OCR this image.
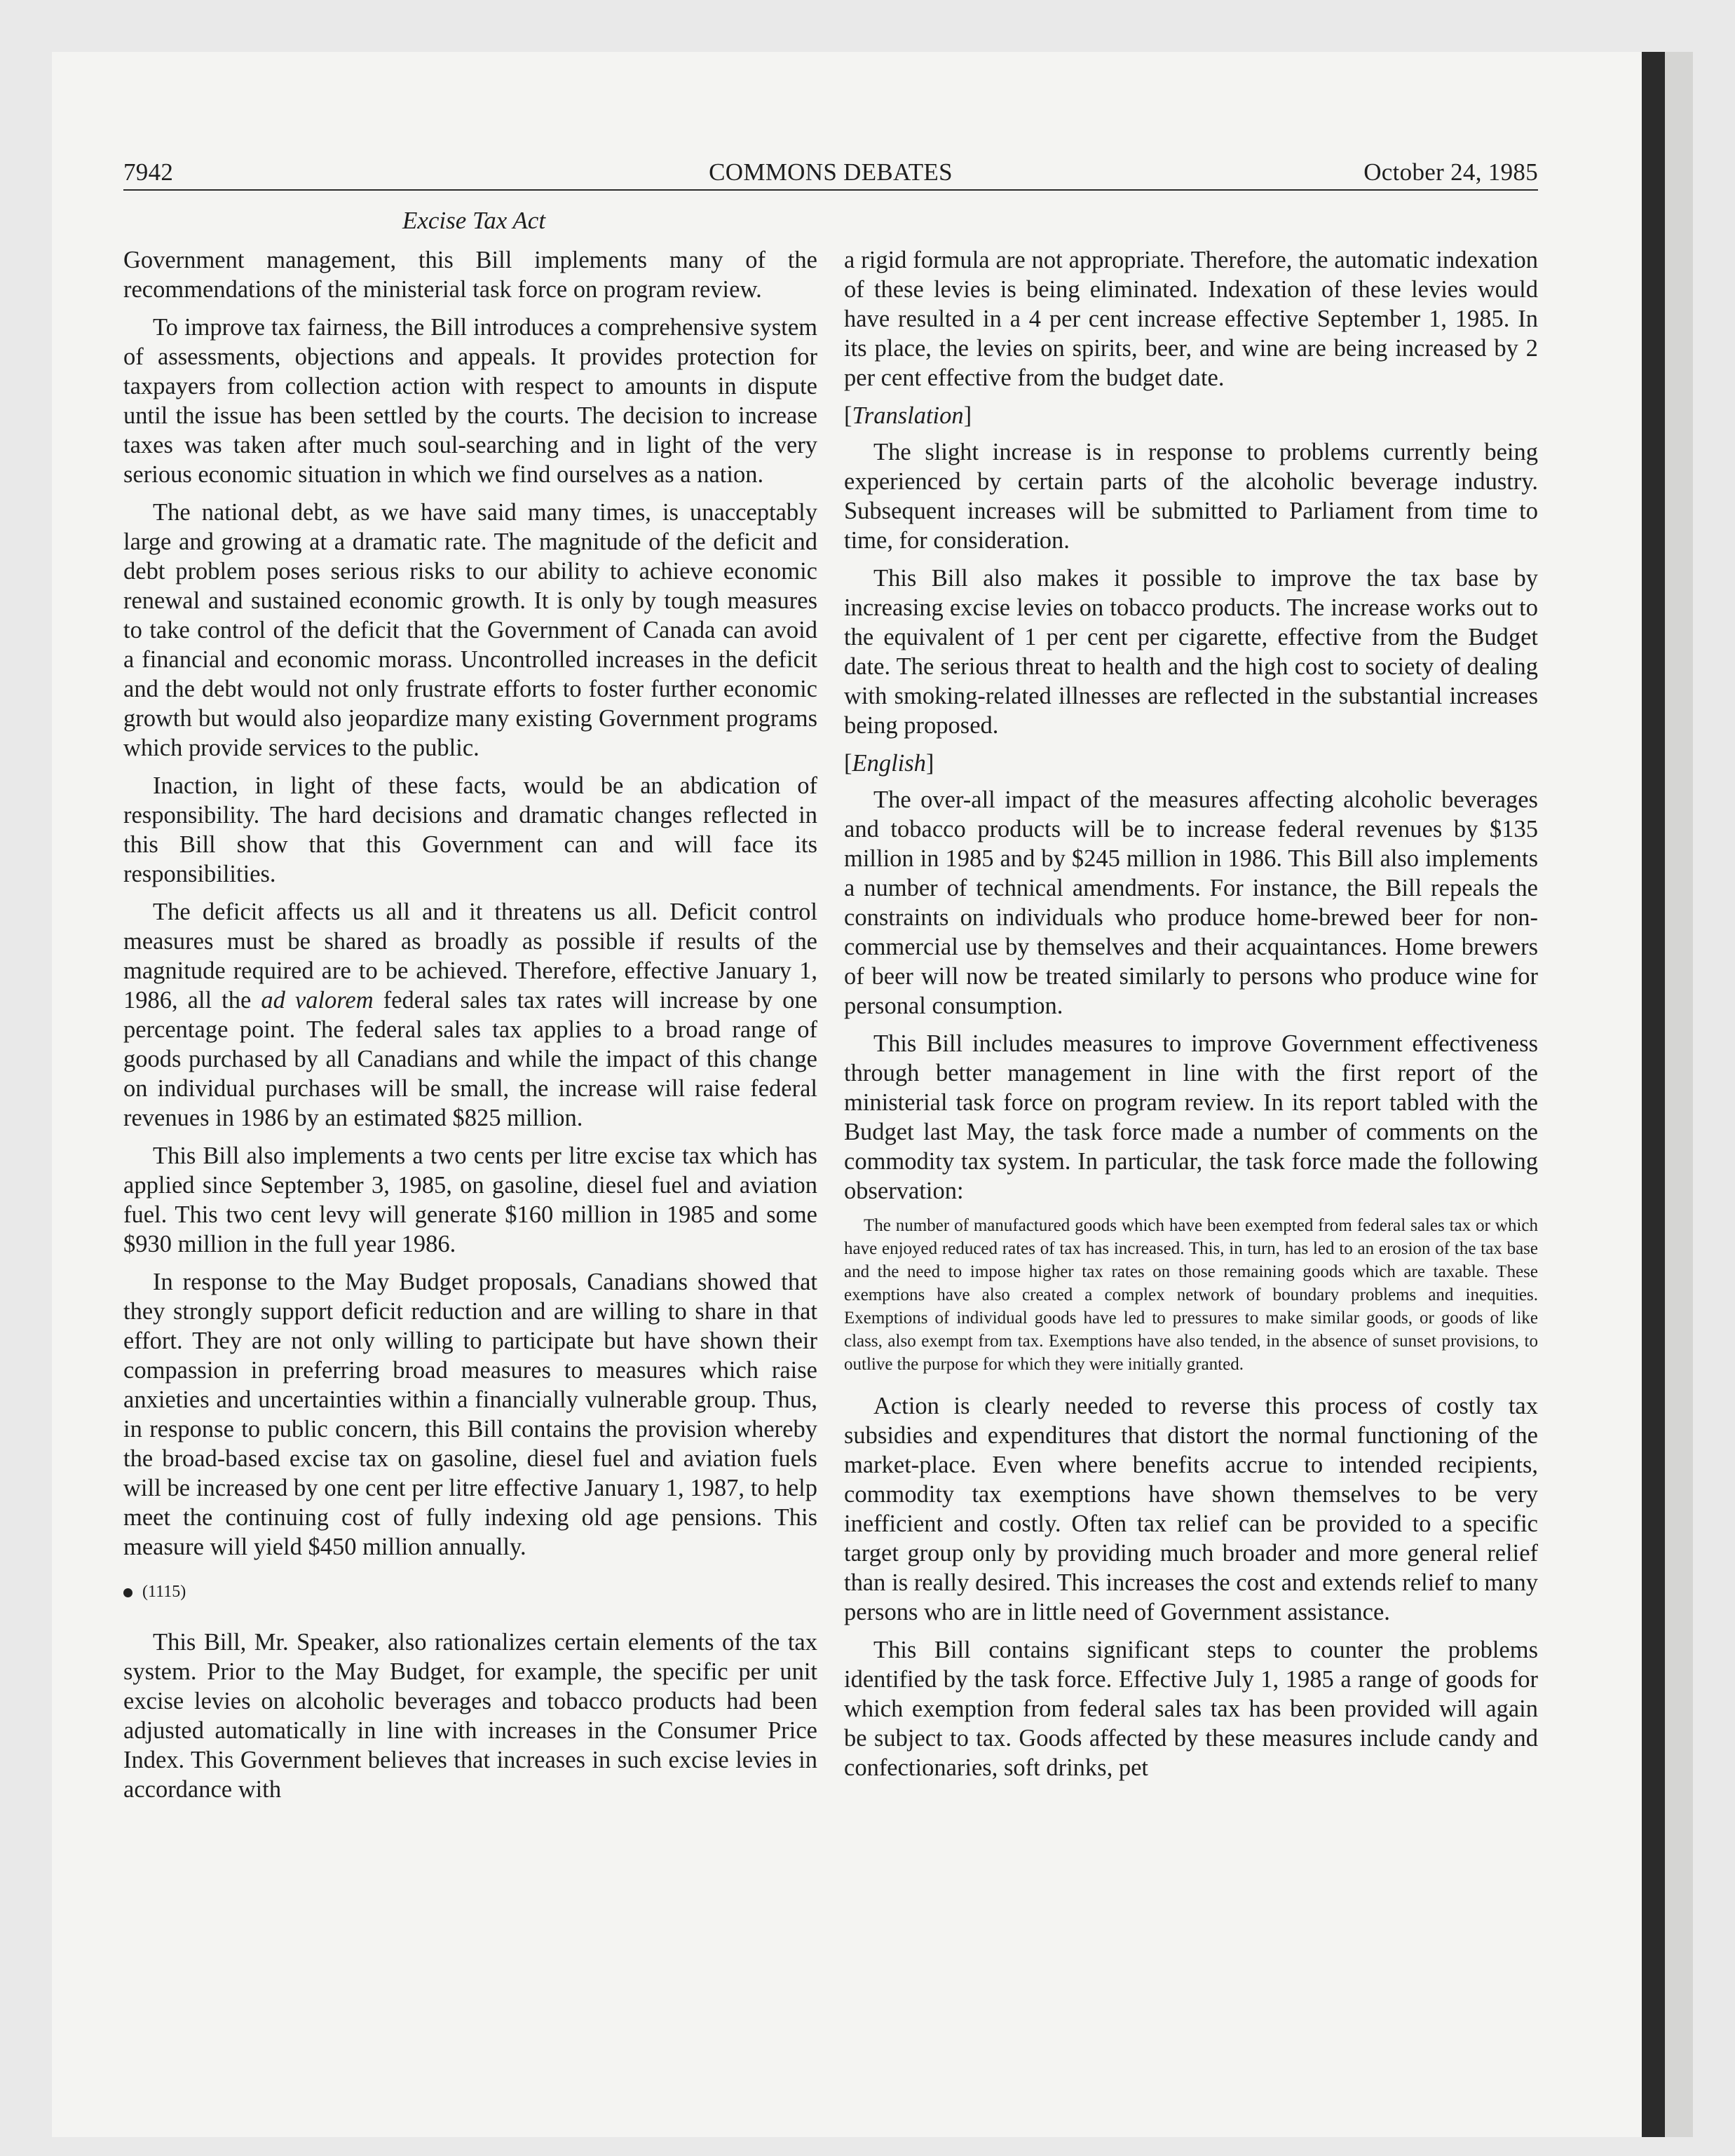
7942	COMMONS DEBATES	October 24, 1985
Excise Tax Act

Government management, this Bill implements many of the recommendations of the ministerial task force on program review.

To improve tax fairness, the Bill introduces a comprehensive system of assessments, objections and appeals. It provides protection for taxpayers from collection action with respect to amounts in dispute until the issue has been settled by the courts. The decision to increase taxes was taken after much soul-searching and in light of the very serious economic situation in which we find ourselves as a nation.

The national debt, as we have said many times, is unacceptably large and growing at a dramatic rate. The magnitude of the deficit and debt problem poses serious risks to our ability to achieve economic renewal and sustained economic growth. It is only by tough measures to take control of the deficit that the Government of Canada can avoid a financial and economic morass. Uncontrolled increases in the deficit and the debt would not only frustrate efforts to foster further economic growth but would also jeopardize many existing Government programs which provide services to the public.

Inaction, in light of these facts, would be an abdication of responsibility. The hard decisions and dramatic changes reflected in this Bill show that this Government can and will face its responsibilities.

The deficit affects us all and it threatens us all. Deficit control measures must be shared as broadly as possible if results of the magnitude required are to be achieved. Therefore, effective January 1, 1986, all the ad valorem federal sales tax rates will increase by one percentage point. The federal sales tax applies to a broad range of goods purchased by all Canadians and while the impact of this change on individual purchases will be small, the increase will raise federal revenues in 1986 by an estimated $825 million.

This Bill also implements a two cents per litre excise tax which has applied since September 3, 1985, on gasoline, diesel fuel and aviation fuel. This two cent levy will generate $160 million in 1985 and some $930 million in the full year 1986.

In response to the May Budget proposals, Canadians showed that they strongly support deficit reduction and are willing to share in that effort. They are not only willing to participate but have shown their compassion in preferring broad measures to measures which raise anxieties and uncertainties within a financially vulnerable group. Thus, in response to public concern, this Bill contains the provision whereby the broad-based excise tax on gasoline, diesel fuel and aviation fuels will be increased by one cent per litre effective January 1, 1987, to help meet the continuing cost of fully indexing old age pensions. This measure will yield $450 million annually.

(1115)

This Bill, Mr. Speaker, also rationalizes certain elements of the tax system. Prior to the May Budget, for example, the specific per unit excise levies on alcoholic beverages and tobacco products had been adjusted automatically in line with increases in the Consumer Price Index. This Government believes that increases in such excise levies in accordance with

a rigid formula are not appropriate. Therefore, the automatic indexation of these levies is being eliminated. Indexation of these levies would have resulted in a 4 per cent increase effective September 1, 1985. In its place, the levies on spirits, beer, and wine are being increased by 2 per cent effective from the budget date.

[Translation]

The slight increase is in response to problems currently being experienced by certain parts of the alcoholic beverage industry. Subsequent increases will be submitted to Parliament from time to time, for consideration.

This Bill also makes it possible to improve the tax base by increasing excise levies on tobacco products. The increase works out to the equivalent of 1 per cent per cigarette, effective from the Budget date. The serious threat to health and the high cost to society of dealing with smoking-related illnesses are reflected in the substantial increases being proposed.

[English]

The over-all impact of the measures affecting alcoholic beverages and tobacco products will be to increase federal revenues by $135 million in 1985 and by $245 million in 1986. This Bill also implements a number of technical amendments. For instance, the Bill repeals the constraints on individuals who produce home-brewed beer for non-commercial use by themselves and their acquaintances. Home brewers of beer will now be treated similarly to persons who produce wine for personal consumption.

This Bill includes measures to improve Government effectiveness through better management in line with the first report of the ministerial task force on program review. In its report tabled with the Budget last May, the task force made a number of comments on the commodity tax system. In particular, the task force made the following observation:

The number of manufactured goods which have been exempted from federal sales tax or which have enjoyed reduced rates of tax has increased. This, in turn, has led to an erosion of the tax base and the need to impose higher tax rates on those remaining goods which are taxable. These exemptions have also created a complex network of boundary problems and inequities. Exemptions of individual goods have led to pressures to make similar goods, or goods of like class, also exempt from tax. Exemptions have also tended, in the absence of sunset provisions, to outlive the purpose for which they were initially granted.

Action is clearly needed to reverse this process of costly tax subsidies and expenditures that distort the normal functioning of the market-place. Even where benefits accrue to intended recipients, commodity tax exemptions have shown themselves to be very inefficient and costly. Often tax relief can be provided to a specific target group only by providing much broader and more general relief than is really desired. This increases the cost and extends relief to many persons who are in little need of Government assistance.

This Bill contains significant steps to counter the problems identified by the task force. Effective July 1, 1985 a range of goods for which exemption from federal sales tax has been provided will again be subject to tax. Goods affected by these measures include candy and confectionaries, soft drinks, pet
